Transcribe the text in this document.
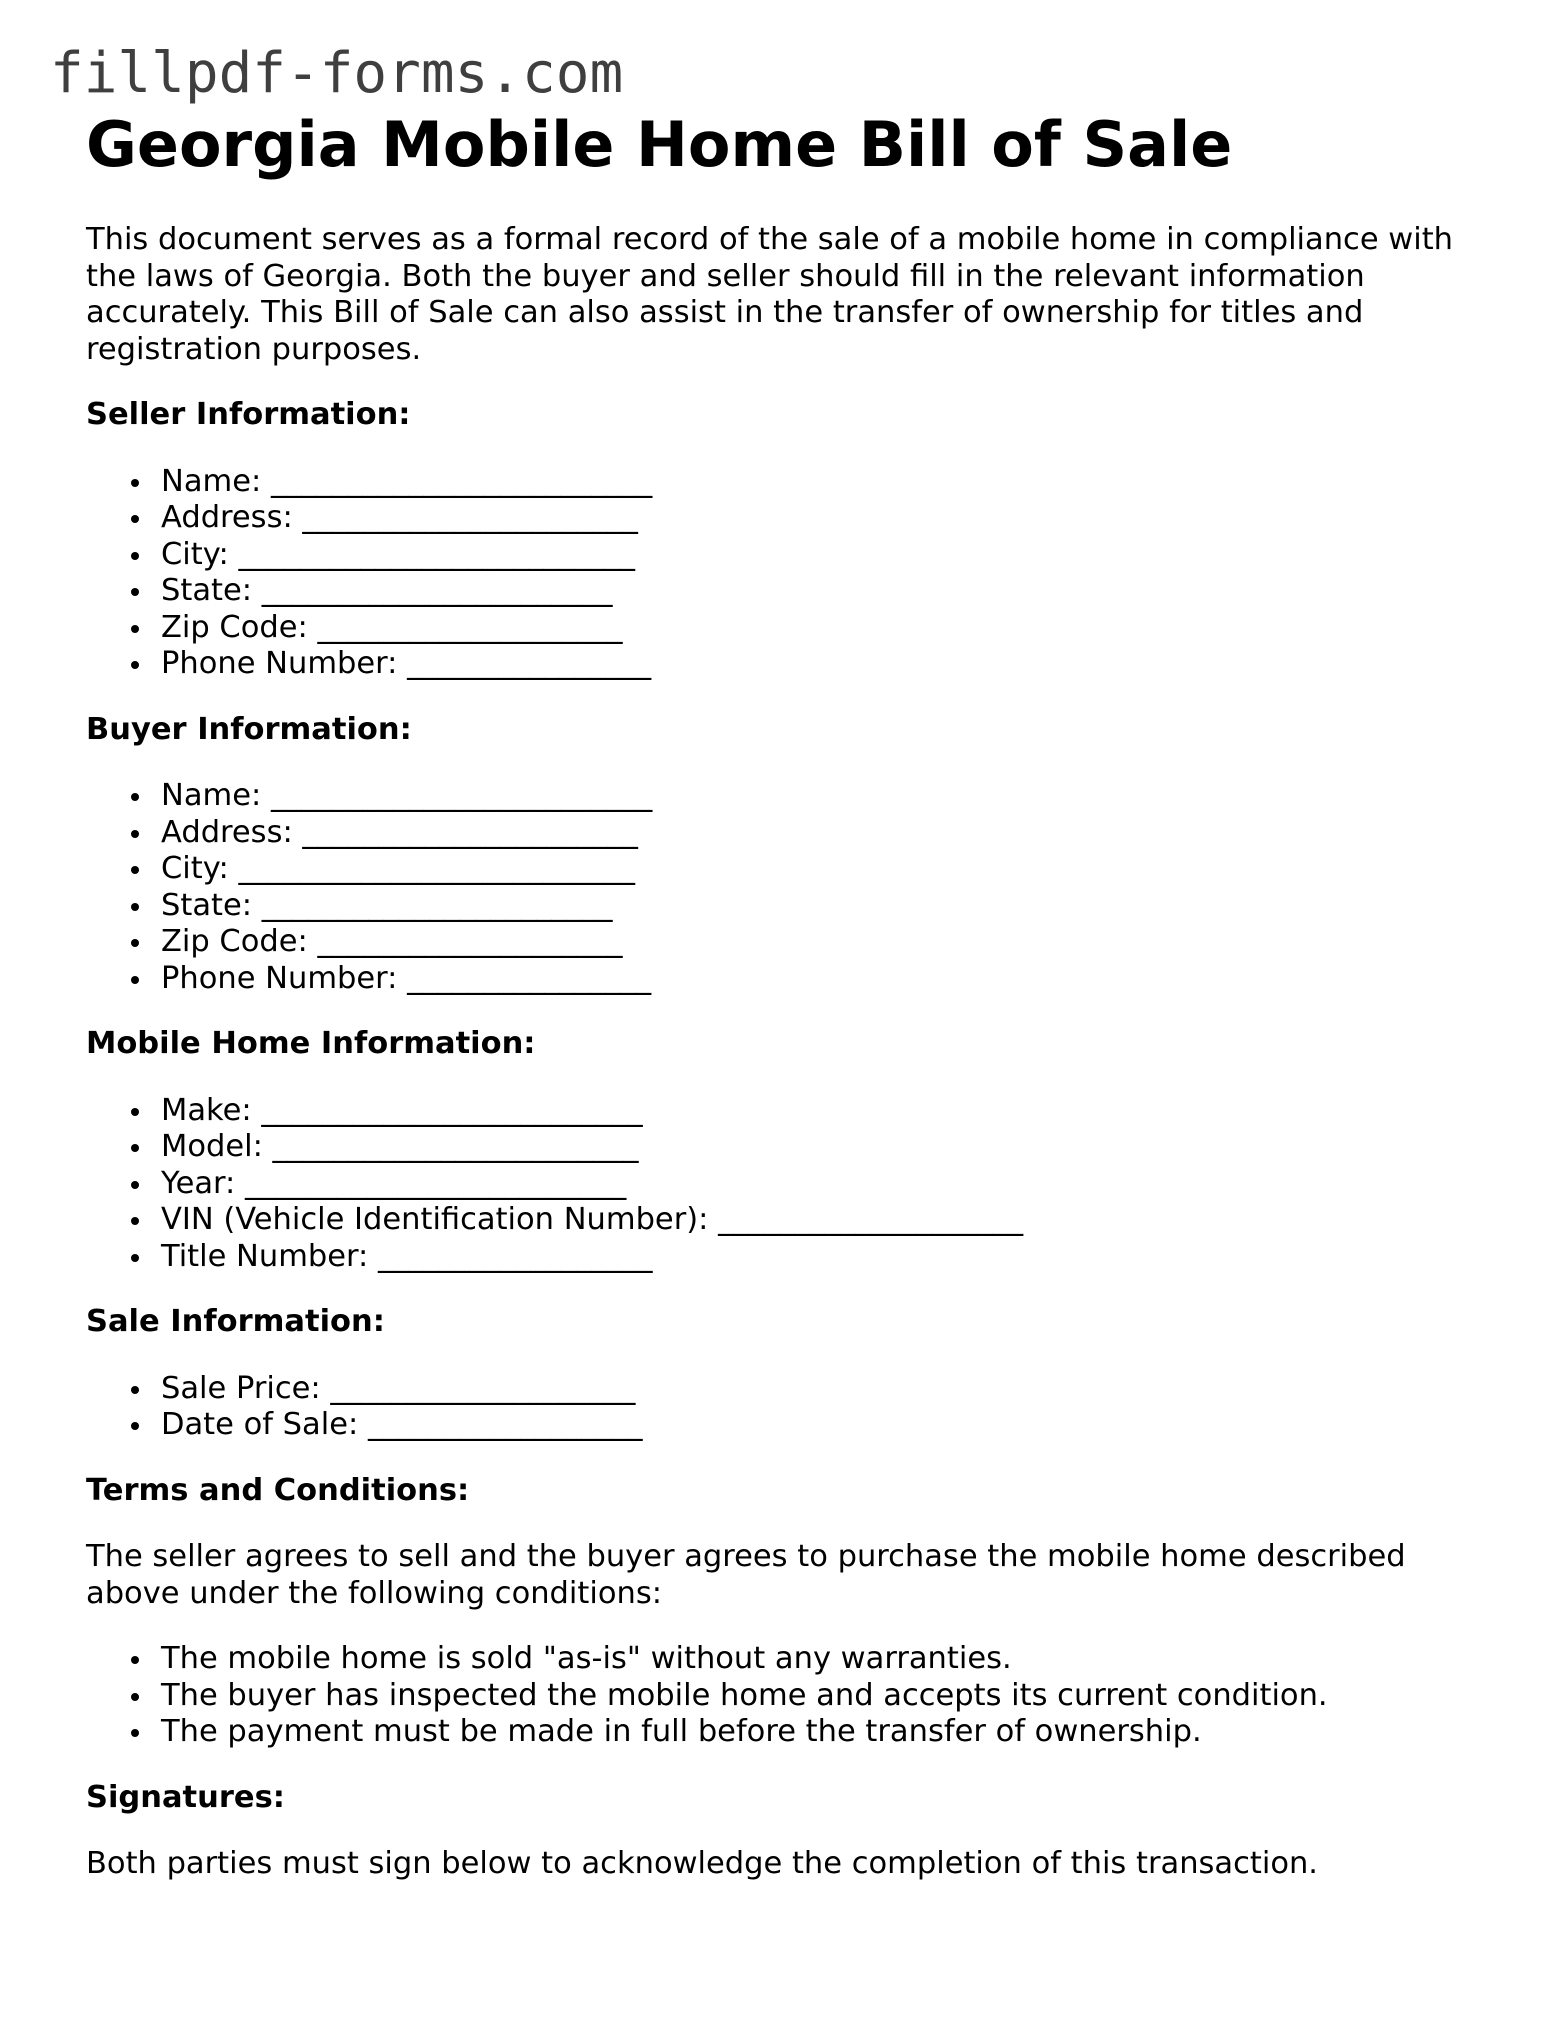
fillpdf-forms.com
Georgia Mobile Home Bill of Sale

This document serves as a formal record of the sale of a mobile home in compliance with the laws of Georgia. Both the buyer and seller should fill in the relevant information accurately. This Bill of Sale can also assist in the transfer of ownership for titles and registration purposes.

Seller Information:
Name: _________________________
Address: ______________________
City: __________________________
State: _______________________
Zip Code: ____________________
Phone Number: ________________
Buyer Information:
Name: _________________________
Address: ______________________
City: __________________________
State: _______________________
Zip Code: ____________________
Phone Number: ________________
Mobile Home Information:
Make: _________________________
Model: ________________________
Year: _________________________
VIN (Vehicle Identification Number): ____________________
Title Number: __________________
Sale Information:
Sale Price: ____________________
Date of Sale: __________________
Terms and Conditions:

The seller agrees to sell and the buyer agrees to purchase the mobile home described above under the following conditions:

The mobile home is sold "as-is" without any warranties.
The buyer has inspected the mobile home and accepts its current condition.
The payment must be made in full before the transfer of ownership.
Signatures:

Both parties must sign below to acknowledge the completion of this transaction.
